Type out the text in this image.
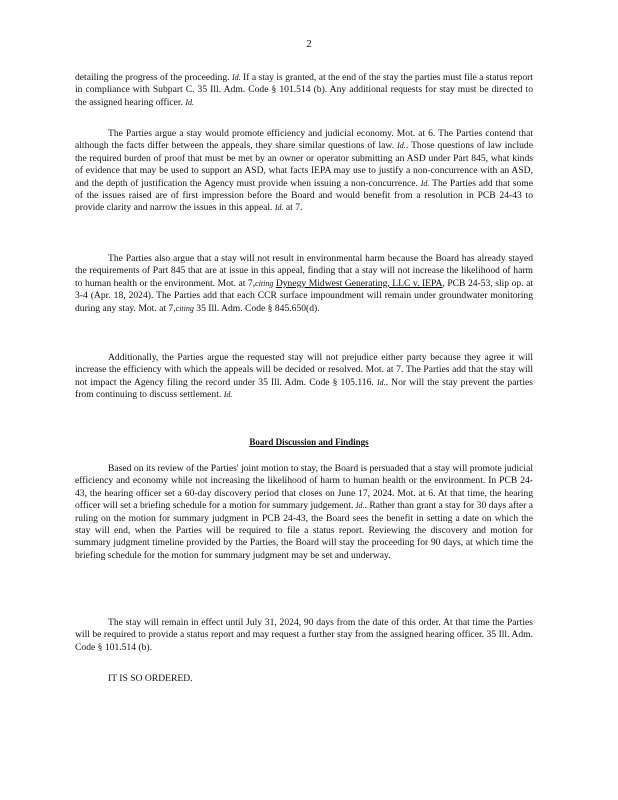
2

detailing the progress of the proceeding. Id. If a stay is granted, at the end of the stay the parties must file a status report in compliance with Subpart C. 35 Ill. Adm. Code § 101.514 (b). Any additional requests for stay must be directed to the assigned hearing officer. Id.

The Parties argue a stay would promote efficiency and judicial economy. Mot. at 6. The Parties contend that although the facts differ between the appeals, they share similar questions of law. Id.. Those questions of law include the required burden of proof that must be met by an owner or operator submitting an ASD under Part 845, what kinds of evidence that may be used to support an ASD, what facts IEPA may use to justify a non-concurrence with an ASD, and the depth of justification the Agency must provide when issuing a non-concurrence. Id. The Parties add that some of the issues raised are of first impression before the Board and would benefit from a resolution in PCB 24-43 to provide clarity and narrow the issues in this appeal. Id. at 7.

The Parties also argue that a stay will not result in environmental harm because the Board has already stayed the requirements of Part 845 that are at issue in this appeal, finding that a stay will not increase the likelihood of harm to human health or the environment. Mot. at 7,citing Dynegy Midwest Generating, LLC v. IEPA, PCB 24-53, slip op. at 3-4 (Apr. 18, 2024). The Parties add that each CCR surface impoundment will remain under groundwater monitoring during any stay. Mot. at 7,citing 35 Ill. Adm. Code § 845.650(d).

Additionally, the Parties argue the requested stay will not prejudice either party because they agree it will increase the efficiency with which the appeals will be decided or resolved. Mot. at 7. The Parties add that the stay will not impact the Agency filing the record under 35 Ill. Adm. Code § 105.116. Id.. Nor will the stay prevent the parties from continuing to discuss settlement. Id.

Board Discussion and Findings

Based on its review of the Parties' joint motion to stay, the Board is persuaded that a stay will promote judicial efficiency and economy while not increasing the likelihood of harm to human health or the environment. In PCB 24-43, the hearing officer set a 60-day discovery period that closes on June 17, 2024. Mot. at 6. At that time, the hearing officer will set a briefing schedule for a motion for summary judgement. Id.. Rather than grant a stay for 30 days after a ruling on the motion for summary judgment in PCB 24-43, the Board sees the benefit in setting a date on which the stay will end, when the Parties will be required to file a status report. Reviewing the discovery and motion for summary judgment timeline provided by the Parties, the Board will stay the proceeding for 90 days, at which time the briefing schedule for the motion for summary judgment may be set and underway.

The stay will remain in effect until July 31, 2024, 90 days from the date of this order. At that time the Parties will be required to provide a status report and may request a further stay from the assigned hearing officer. 35 Ill. Adm. Code § 101.514 (b).

IT IS SO ORDERED.
